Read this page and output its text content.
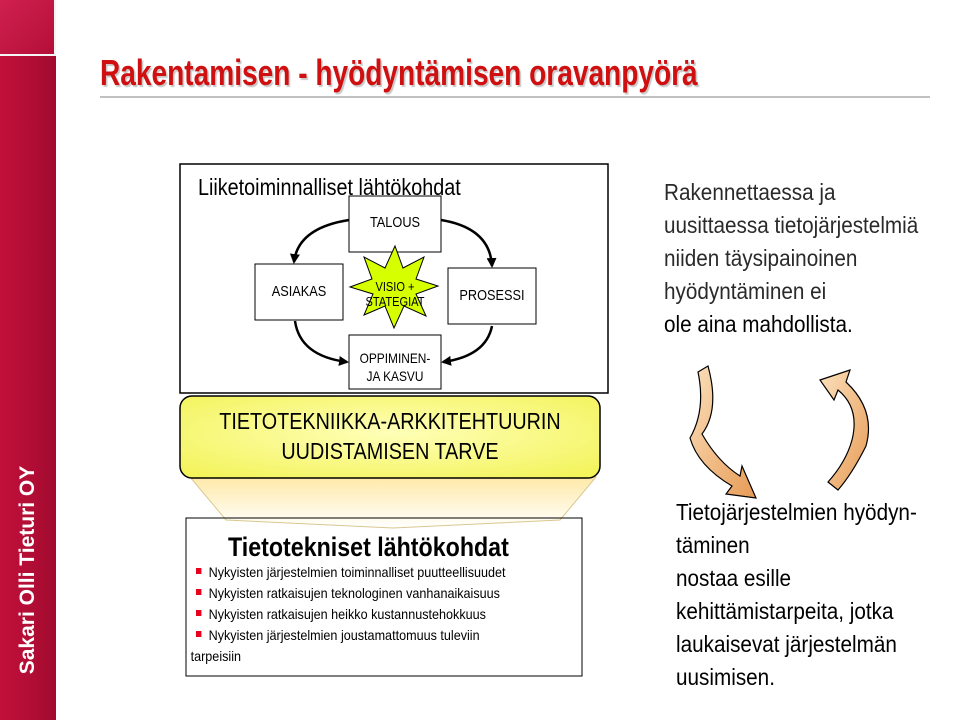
Sakari Olli Tieturi OY
Rakentamisen - hyödyntämisen oravanpyörä
Liiketoiminnalliset lähtökohdat
TALOUS
ASIAKAS	PROSESSI
VISIO +
STATEGIAT
OPPIMINEN-
JA KASVU
TIETOTEKNIIKKA-ARKKITEHTUURIN
UUDISTAMISEN TARVE
Tietotekniset lähtökohdat
Nykyisten järjestelmien toiminnalliset puutteellisuudet
Nykyisten ratkaisujen teknologinen vanhanaikaisuus
Nykyisten ratkaisujen heikko kustannustehokkuus
Nykyisten järjestelmien joustamattomuus tuleviin
tarpeisiin
Rakennettaessa ja
uusittaessa tietojärjestelmiä
niiden täysipainoinen
hyödyntäminen ei
ole aina mahdollista.
Tietojärjestelmien hyödyn-
täminen
nostaa esille
kehittämistarpeita, jotka
laukaisevat järjestelmän
uusimisen.
